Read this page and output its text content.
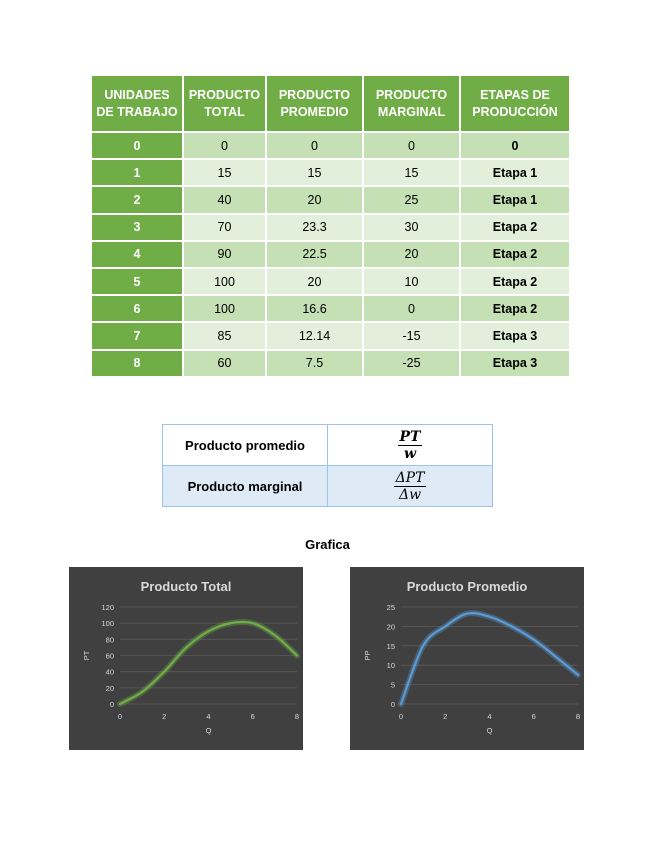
UNIDADES DE TRABAJO	PRODUCTO TOTAL	PRODUCTO PROMEDIO	PRODUCTO MARGINAL	ETAPAS DE PRODUCCIÓN
0	0	0	0	0
1	15	15	15	Etapa 1
2	40	20	25	Etapa 1
3	70	23.3	30	Etapa 2
4	90	22.5	20	Etapa 2
5	100	20	10	Etapa 2
6	100	16.6	0	Etapa 2
7	85	12.14	-15	Etapa 3
8	60	7.5	-25	Etapa 3
Producto promedio	$\frac{PT}{w}$

Producto marginal	$\frac{\text{ΔPT}}{\Delta w}$
Grafica
Producto Total
0
20
40
60
80
100
120
0	2	4	6	8
Q
PT
Producto Promedio
0
5
10
15
20
25
0	2	4	6	8
Q
PP
